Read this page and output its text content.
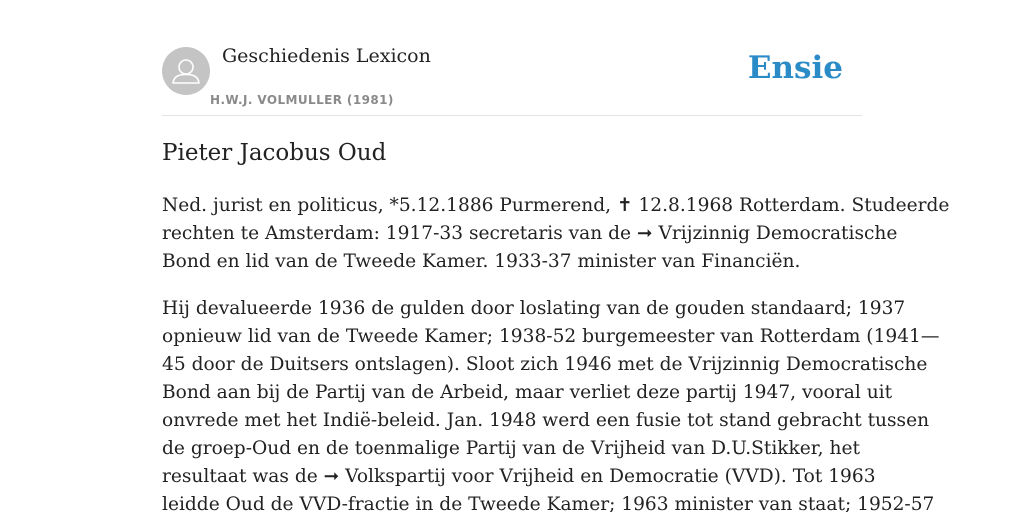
Geschiedenis Lexicon
H.W.J. VOLMULLER (1981)
Ensie
Pieter Jacobus Oud

Ned. jurist en politicus, *5.12.1886 Purmerend, ✝ 12.8.1968 Rotterdam. Studeerde
rechten te Amsterdam: 1917-33 secretaris van de ➞ Vrijzinnig Democratische
Bond en lid van de Tweede Kamer. 1933-37 minister van Financiën.

Hij devalueerde 1936 de gulden door loslating van de gouden standaard; 1937
opnieuw lid van de Tweede Kamer; 1938-52 burgemeester van Rotterdam (1941—
45 door de Duitsers ontslagen). Sloot zich 1946 met de Vrijzinnig Democratische
Bond aan bij de Partij van de Arbeid, maar verliet deze partij 1947, vooral uit
onvrede met het Indië-beleid. Jan. 1948 werd een fusie tot stand gebracht tussen
de groep-Oud en de toenmalige Partij van de Vrijheid van D.U.Stikker, het
resultaat was de ➞ Volkspartij voor Vrijheid en Democratie (VVD). Tot 1963
leidde Oud de VVD-fractie in de Tweede Kamer; 1963 minister van staat; 1952-57
